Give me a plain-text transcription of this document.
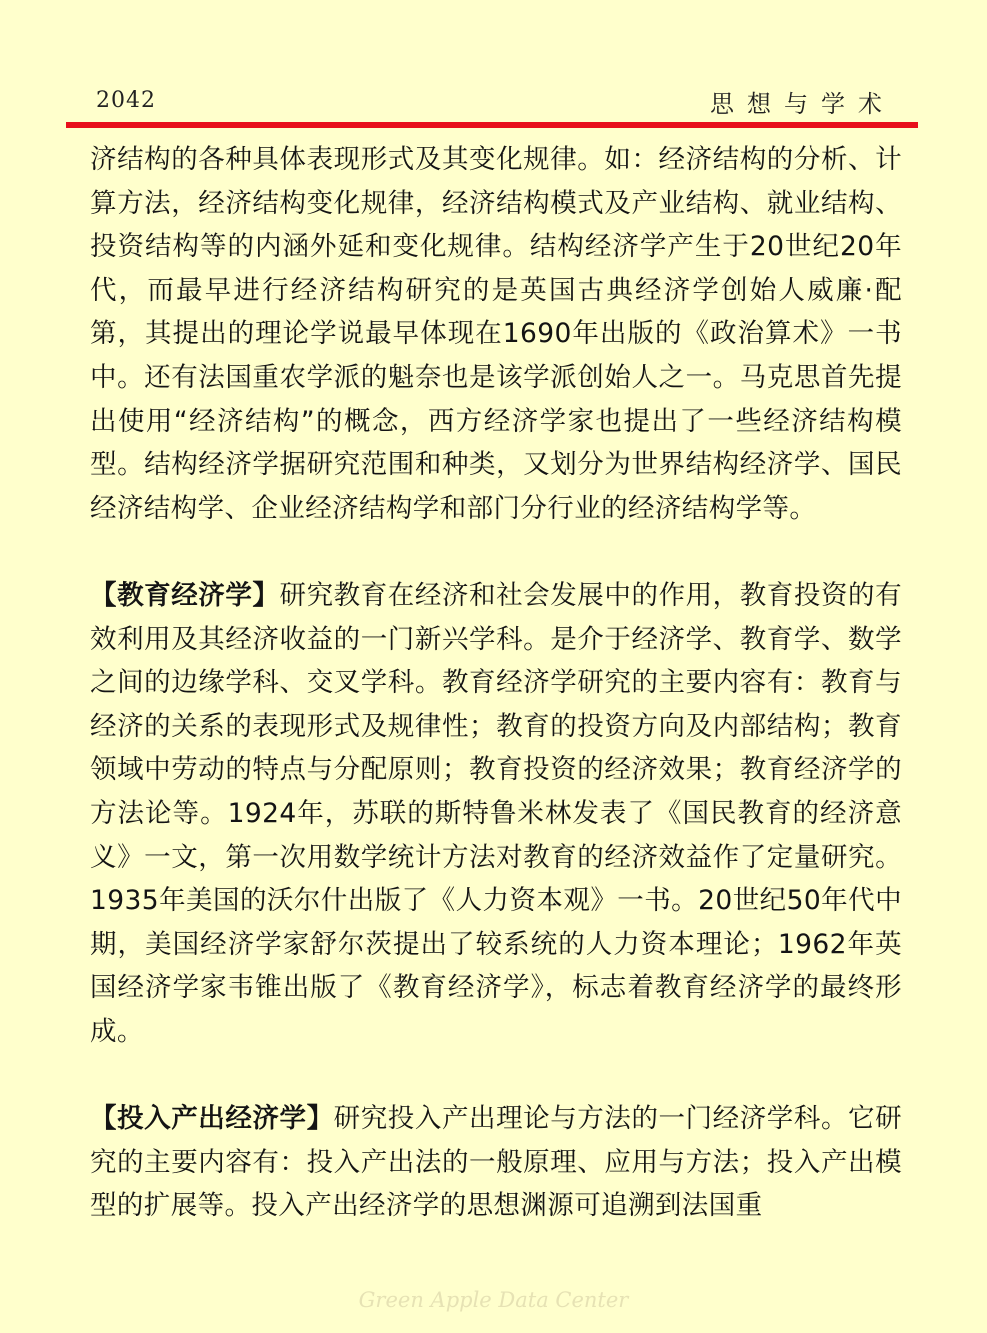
2042	思想与学术

济结构的各种具体表现形式及其变化规律。如：经济结构的分析、计算方法，经济结构变化规律，经济结构模式及产业结构、就业结构、投资结构等的内涵外延和变化规律。结构经济学产生于20世纪20年代，而最早进行经济结构研究的是英国古典经济学创始人威廉·配第，其提出的理论学说最早体现在1690年出版的《政治算术》一书中。还有法国重农学派的魁奈也是该学派创始人之一。马克思首先提出使用“经济结构”的概念，西方经济学家也提出了一些经济结构模型。结构经济学据研究范围和种类，又划分为世界结构经济学、国民经济结构学、企业经济结构学和部门分行业的经济结构学等。

【教育经济学】研究教育在经济和社会发展中的作用，教育投资的有效利用及其经济收益的一门新兴学科。是介于经济学、教育学、数学之间的边缘学科、交叉学科。教育经济学研究的主要内容有：教育与经济的关系的表现形式及规律性；教育的投资方向及内部结构；教育领域中劳动的特点与分配原则；教育投资的经济效果；教育经济学的方法论等。1924年，苏联的斯特鲁米林发表了《国民教育的经济意义》一文，第一次用数学统计方法对教育的经济效益作了定量研究。1935年美国的沃尔什出版了《人力资本观》一书。20世纪50年代中期，美国经济学家舒尔茨提出了较系统的人力资本理论；1962年英国经济学家韦锥出版了《教育经济学》，标志着教育经济学的最终形成。

【投入产出经济学】研究投入产出理论与方法的一门经济学科。它研究的主要内容有：投入产出法的一般原理、应用与方法；投入产出模型的扩展等。投入产出经济学的思想渊源可追溯到法国重

Green Apple Data Center
